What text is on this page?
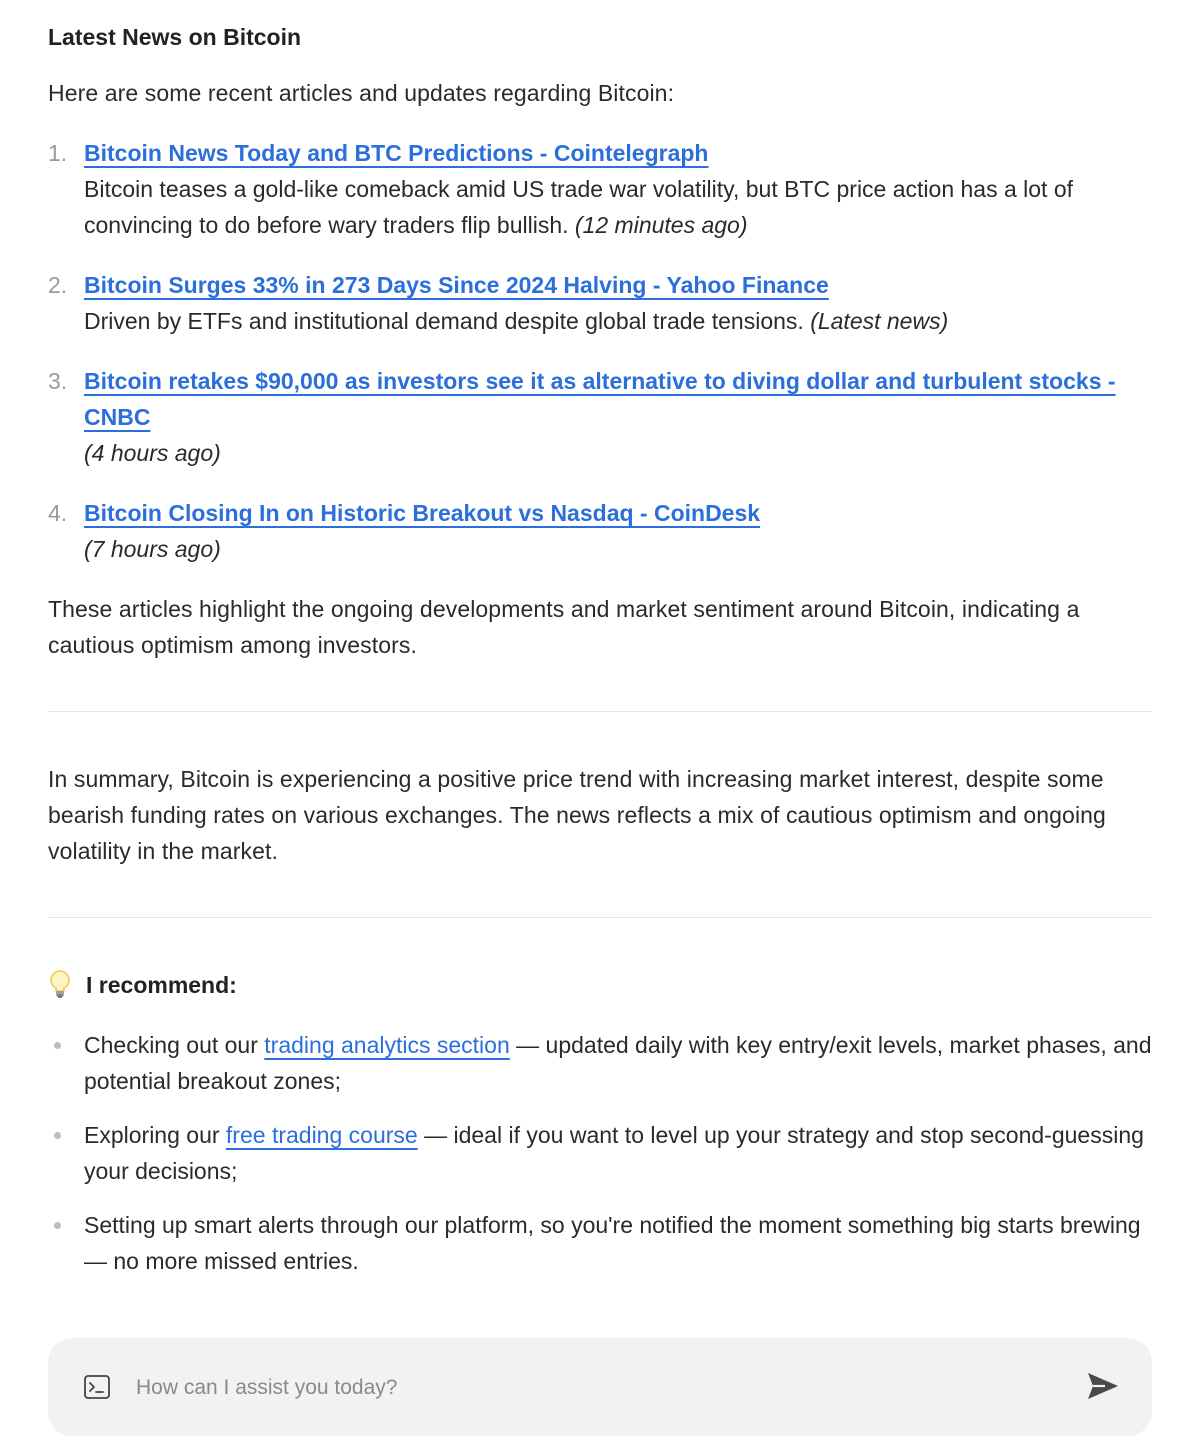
Latest News on Bitcoin
Here are some recent articles and updates regarding Bitcoin:
1. Bitcoin News Today and BTC Predictions - Cointelegraph
Bitcoin teases a gold-like comeback amid US trade war volatility, but BTC price action has a lot of convincing to do before wary traders flip bullish. (12 minutes ago)
2. Bitcoin Surges 33% in 273 Days Since 2024 Halving - Yahoo Finance
Driven by ETFs and institutional demand despite global trade tensions. (Latest news)
3. Bitcoin retakes $90,000 as investors see it as alternative to diving dollar and turbulent stocks - CNBC
(4 hours ago)
4. Bitcoin Closing In on Historic Breakout vs Nasdaq - CoinDesk
(7 hours ago)
These articles highlight the ongoing developments and market sentiment around Bitcoin, indicating a cautious optimism among investors.
In summary, Bitcoin is experiencing a positive price trend with increasing market interest, despite some bearish funding rates on various exchanges. The news reflects a mix of cautious optimism and ongoing volatility in the market.
I recommend:
Checking out our trading analytics section — updated daily with key entry/exit levels, market phases, and potential breakout zones;
Exploring our free trading course — ideal if you want to level up your strategy and stop second-guessing your decisions;
Setting up smart alerts through our platform, so you're notified the moment something big starts brewing — no more missed entries.
How can I assist you today?
